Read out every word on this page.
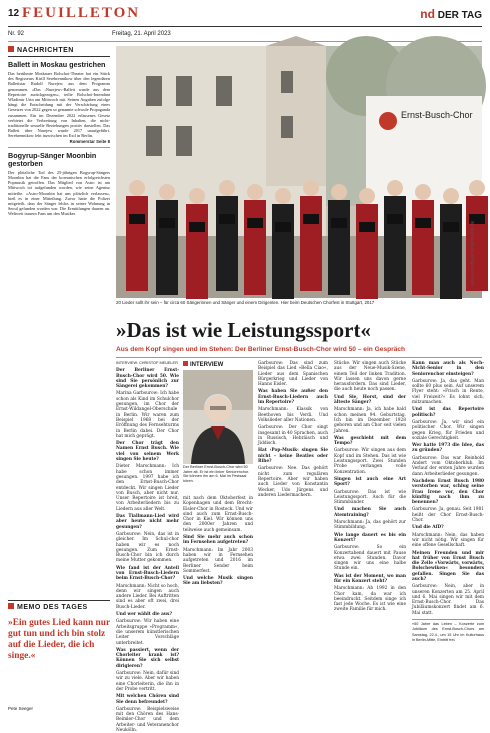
12 FEUILLETON	nd DER TAG
Nr. 92	Freitag, 21. April 2023
NACHRICHTEN
Ballett in Moskau gestrichen
Das berühmte Moskauer Bolschoi-Theater hat ein Stück des Regisseurs Kirill Serebrennikow über den legendären Ballettstar Rudolf Nurejew aus dem Programm genommen. »Das ›Nurejew‹-Ballett wurde aus dem Repertoire zurückgezogen«, teilte Bolschoi-Intendant Wladimir Urin am Mittwoch mit. Seinen Angaben zufolge hängt die Entscheidung mit der Verschärfung eines Gesetzes von 2022 gegen so genannte schwule Propaganda zusammen. Ein im Dezember 2022 erlassenes Gesetz verbietet die Verbreitung von Inhalten, die nicht-traditionelle sexuelle Beziehungen positiv darstellen. Das Ballett über Nurejew wurde 2017 uraufgeführt. Serebrennikow lebt inzwischen im Exil in Berlin.
Rommerstar Seite 8
Bogyrup-Sänger Moonbin gestorben
Der plötzliche Tod des 25-jährigen Bogyrup-Sängers Moonbin hat die Fans der koreanischen erfolgreichsten Popmusik getroffen. Das Mitglied von Astro ist am Mittwoch tot aufgefunden worden, wie seine Agentur mitteilte. »Astro-Moonbin hat uns plötzlich verlassen«, hieß es in einer Mitteilung. Zuvor hatte die Polizei mitgeteilt, dass der Sänger leblos in seiner Wohnung in Seoul gefunden worden war. Die Ermittlungen dauern an. Weltweit trauern Fans um den Musiker.
MEMO DES TAGES
»Ein gutes Lied kann nur gut tun und ich bin stolz auf die Lieder, die ich singe.«
Pete Seeger
Ernst-Busch-Chor
www.ernstbuschchorberlin.de
20 Lieder sollt ihr sein – für circa 60 Sängerinnen und Sänger und einem Dirigenten. Hier beim Deutschen Chorfest in Stuttgart, 2017
»Das ist wie Leistungssport«
Aus dem Kopf singen und im Stehen: Der Berliner Ernst-Busch-Chor wird 50 – ein Gespräch

INTERVIEW: CHRISTOF MEUELER

Der Berliner Ernst-Busch-Chor wird 50. Wie sind Sie persönlich zur Sängerei gekommen?

Marina Garbsurow: Ich habe schon als Kind im Schulchor gesungen, im Chor der Ernst-Wildangel-Oberschule in Berlin. Wir waren zum Beispiel 1968 bei der Eröffnung des Fernsehturms in Berlin dabei. Der Chor hat mich geprägt.

Der Chor trägt den Namen Ernst Busch. Wie viel von seinem Werk singen Sie heute?

Dieter Marschmann: Ich habe schon immer gesungen. 1997 habe ich den Ernst-Busch-Chor entdeckt. Wir singen Lieder von Busch, aber nicht nur. Unser Repertoire ist breit, von Arbeiterliedern bis zu Liedern aus aller Welt.

Das Tiallmann-Lied wird aber heute nicht mehr gesungen?

Garbsurow: Nein, das ist in gleicher. Im Schul-chor haben wir es noch gesungen. Zum Ernst-Busch-Chor bin ich durch meine Mutter gekommen.

Wie fand ist der Anteil von Ernst-Busch-Liedern beim Ernst-Busch-Chor?

Marschmann: Nicht so hoch, denn wir singen auch andere Lieder. Bei Auftritten sind es aber oft zwei, drei Busch-Lieder.

Und wer wählt die aus?

Garbsurow: Wir haben eine Arbeitsgruppe »Programm«, die unserem künstlerischen Leiter Vorschläge unterbreitet.

Was passiert, wenn der Chorleiter krank ist? Können Sie sich selbst dirigieren?

Garbsurow: Nein, dafür sind wir zu viele. Aber wir haben eine Chorleiterin, die ihn in der Probe vertritt.

Mit welchen Chören sind Sie denn befreundet?

Garbsurow: Beispielsweise mit den Chören des Hans-Beimler-Chor und dem Arbeiter- und Veteranenchor Neukölln.

INTERVIEW
Der Berliner Ernst-Busch-Chor wird 50 Jahre alt. Er ist ein linker Seniorenchor. Sie können ihn am 6. Mai im Festsaal hören.

mit nach dem Oktoberfest in Kopenhagen und dem Brecht-Eisler-Chor in Rostock. Und wir sind auch zum Ernst-Busch-Chor in Kiel. Wir können uns den 2000er Jahren und teilweise auch gemeinsam.

Sind Sie mehr auch schon im Fernsehen aufgetreten?

Marschmann: Im Jahr 2003 haben wir in Fernsehen aufgetreten und 2016 im Berliner Sender beim Sommerfest.

Und welche Musik singen Sie am liebsten?

Garbsurow: Das sind zum Beispiel das Lied »Bella Ciao«, Lieder aus dem Spanischen Bürgerkrieg und Lieder von Hanns Eisler.

Was haben Sie außer den Ernst-Busch-Liedern auch im Repertoire?

Marschmann: Klassik von Beethoven bis Verdi. Und Volkslieder aller Nationen.

Garbsurow: Der Chor singt insgesamt in 40 Sprachen, auch in Russisch, Hebräisch und Jiddisch.

Hat ›Pop-Musik‹ singen Sie nicht – keine Beatles oder Rihe?

Garbsurow: Nee. Das gehört nicht zum regulären Repertoire. Aber wir haben auch Lieder von Konstantin Wecker, Udo Jürgens und anderen Liedermachern.

Stücke. Wir singen auch Stücke aus der Neue-Musik-Szene, einem Teil der linken Tradition. Wir lassen uns davon gerne herausfordern. Das sind Lieder, die auch heute noch passen.

Und Sie, Horst, sind der älteste Sänger?

Marschmann: Ja, ich habe bald schon meinen 94. Geburtstag. Ich bin im Dezember 1928 geboren und am Chor seit vielen Jahren.

Was geschieht mit dem Tempo?

Garbsurow: Wir singen aus dem Kopf und im Stehen. Das ist wie Leistungssport. Zwei Stunden Probe verlangen volle Konzentration.

Singen ist auch eine Art Sport?

Garbsurow: Das ist wie Leistungssport. Auch für die Stimmbänder.

Und machen Sie auch Atemtraining?

Marschmann: Ja, das gehört zur Stimmbildung.

Wie lange dauert es bis ein Konzert?

Garbsurow: So ein Konzertabend dauert mit Pause etwa zwei Stunden. Davor singen wir uns eine halbe Stunde ein.

Was ist der Moment, wo man für ein Konzert steht?

Marschmann: Ab 1992 in den Chor kam, da war ich beeindruckt. Seitdem singe ich fast jede Woche. Es ist wie eine zweite Familie für mich.

Kann man auch als Noch-Nicht-Senior in den Seniorenchor einsteigen?

Garbsurow: Ja, das geht. Man sollte 60 plus sein. Auf unserem Flyer steht: »Frisch in Rente, viel Freizeit?« Es lohnt sich, mitzumachen.

Und ist das Repertoire politisch?

Garbsurow: Ja, wir sind ein politischer Chor. Wir singen gegen Krieg, für Frieden und soziale Gerechtigkeit.

Wer hatte 1973 die Idee, das zu gründen?

Garbsurow: Das war Reinhold Andert vom Oktoberklub. Im Verlauf der ersten Jahre wurden dann Arbeiterlieder gesungen.

Nachdem Ernst Busch 1980 verstorben war, schlug seine Frau Irene vor, den Chor künftig nach ihm zu benennen?

Garbsurow: Ja, genau. Seit 1981 heißt der Chor Ernst-Busch-Chor.

Und die AfD?

Marschmann: Nein, das haben wir nicht nötig. Wir singen für eine offene Gesellschaft.

Meinen Freunden und mir hat früher von Ernst Busch die Zeile »Vorwärts, vorwärts, Bolschewiken« besonders gefallen. Singen Sie das auch?

Garbsurow: Nein, aber in unseren Konzerten am 25. April und 6. Mai singen wir mit dem Ernst-Busch-Chor. Das Jubiläumskonzert findet am 6. Mai statt.

»50 Jahre das Leben – Konzerte zum Jubiläum des Ernst-Busch-Chors am Samstag, 22.4., um 15 Uhr im Kulturhaus in Berlin-Mitte, Eintritt frei.
